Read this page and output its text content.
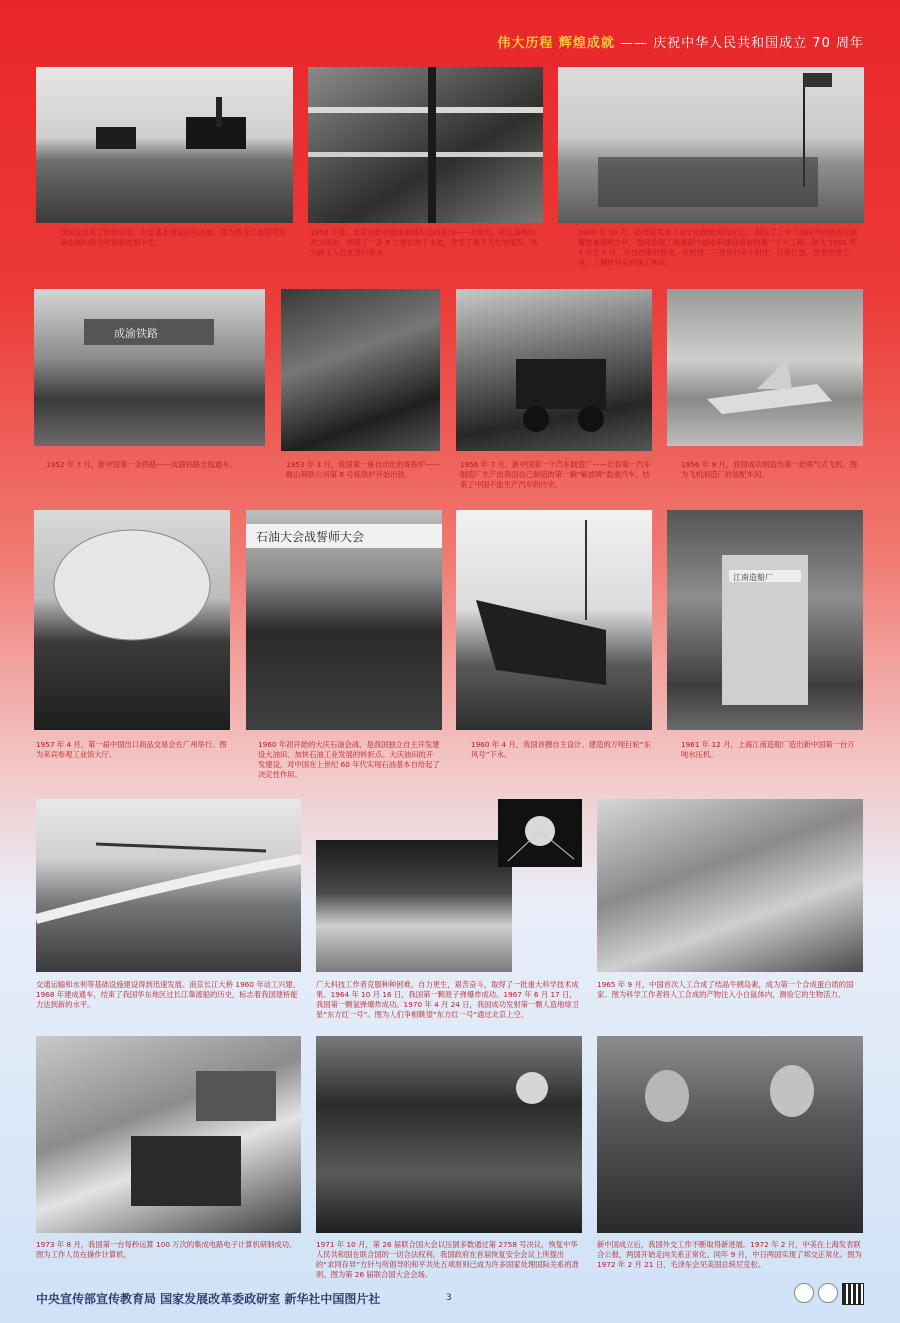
伟大历程 辉煌成就 —— 庆祝中华人民共和国成立 70 周年
我国农业有了较快发展，农业基本建设初见成效。图为黑龙江省国营友谊农场的联合收割机收割小麦。
1950 年春，北京市政府疏浚南城有名的臭沟——龙须沟。把这条明沟改为暗沟，修建了一条 8 公里长的下水道，改变了极不卫生的情况。图为施工人员在进行淘水。
1950 年 10 月，政务院发布《关于治理淮河的决定》，制定了上中下游按不同情况实施蓄泄兼筹的方针。淮河治理工程是新中国水利建设事业的第一个大工程。图为 1951 年 3 月至 4 月，参加治淮的群众，从周围二三百里的各个村庄，打着红旗，抬着治淮工具、工棚材料走向施工地点。
成渝铁路
1952 年 7 月，新中国第一条铁路——成渝铁路全线通车。	1953 年 3 月，我国第一座自动化的炼铁炉——鞍山钢铁公司第 8 号炼铁炉开始出铁。
1956 年 7 月，新中国第一个汽车制造厂——长春第一汽车制造厂生产出我国自己制造的第一辆“解放牌”载重汽车，结束了中国不能生产汽车的历史。
1956 年 9 月，我国成功制造出第一批喷气式飞机。图为飞机制造厂的装配车间。
1957 年 4 月，第一届中国出口商品交易会在广州举行。图为来宾参观工业馆大厅。
石油大会战誓师大会
1960 年初开始的大庆石油会战，是我国独立自主开发建设大油田、加快石油工业发展的转折点。大庆油田的开发建设，对中国在上世纪 60 年代实现石油基本自给起了决定性作用。
1960 年 4 月，我国首艘自主设计、建造的万吨巨轮“东风号”下水。
江南造船厂
1961 年 12 月，上海江南造船厂造出新中国第一台万吨水压机。
交通运输和水利等基础设施建设得到迅速发展。南京长江大桥 1960 年动工兴建，1968 年建成通车，结束了我国华东地区过长江靠渡船的历史，标志着我国建桥能力达到新的水平。
广大科技工作者克服种种困难，自力更生，艰苦奋斗，取得了一批重大科学技术成果。1964 年 10 月 16 日，我国第一颗原子弹爆炸成功。1967 年 6 月 17 日，我国第一颗氢弹爆炸成功。1970 年 4 月 24 日，我国成功发射第一颗人造地球卫星“东方红一号”。图为人们争相眺望“东方红一号”通过北京上空。
1965 年 9 月，中国首次人工合成了结晶牛胰岛素，成为第一个合成蛋白质的国家。图为科学工作者将人工合成的产物注入小白鼠体内，测验它的生物活力。
1973 年 8 月，我国第一台每秒运算 100 万次的集成电路电子计算机研制成功。图为工作人员在操作计算机。
1971 年 10 月，第 26 届联合国大会以压倒多数通过第 2758 号决议，恢复中华人民共和国在联合国的一切合法权利。我国政府在首届恢复安全会议上所提出的“求同存异”方针与所倡导的和平共处五项原则已成为许多国家处理国际关系的准则。图为第 26 届联合国大会会场。
新中国成立后，我国外交工作不断取得新进展。1972 年 2 月，中美在上海发表联合公报，两国开始走向关系正常化。同年 9 月，中日两国实现了邦交正常化。图为 1972 年 2 月 21 日，毛泽东会见美国总统尼克松。
中央宣传部宣传教育局 国家发展改革委政研室 新华社中国图片社	3
